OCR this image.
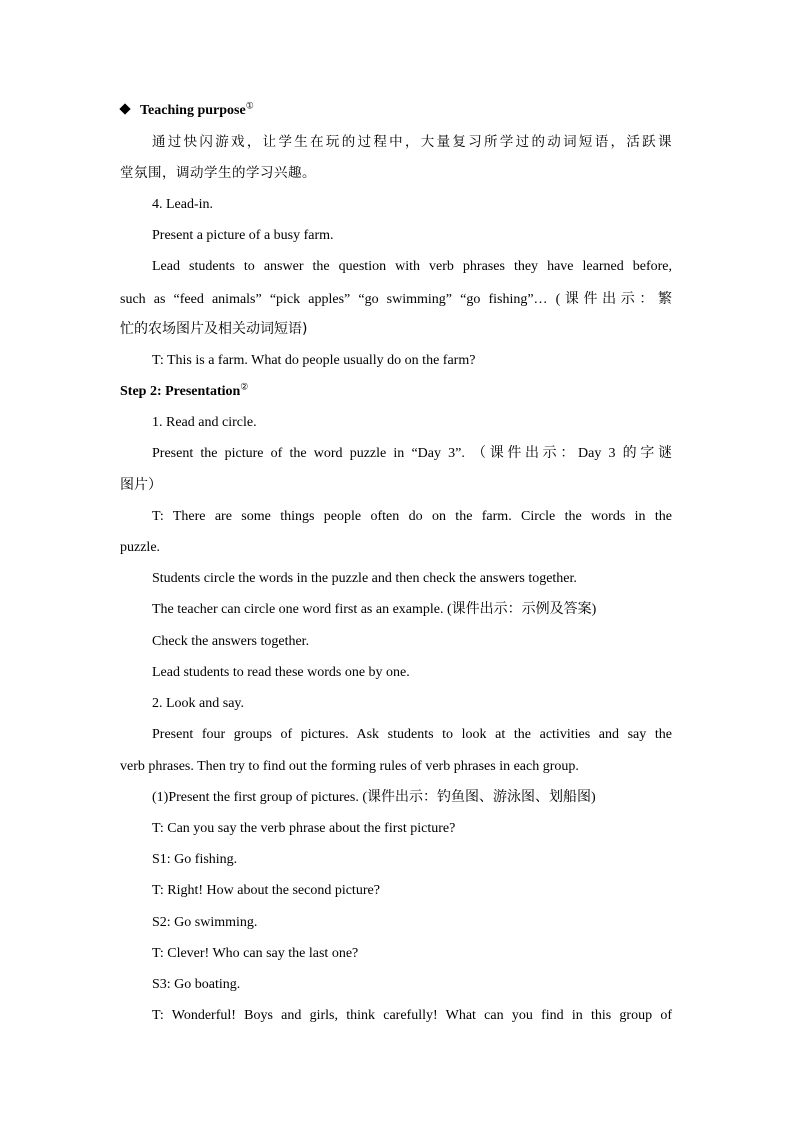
Teaching purpose①
通过快闪游戏，让学生在玩的过程中，大量复习所学过的动词短语，活跃课
堂氛围，调动学生的学习兴趣。
4. Lead-in.
Present a picture of a busy farm.
Lead students to answer the question with verb phrases they have learned before,
such as “feed animals” “pick apples” “go swimming” “go fishing”… (课件出示：繁
忙的农场图片及相关动词短语)
T: This is a farm. What do people usually do on the farm?
Step 2: Presentation②
1. Read and circle.
Present the picture of the word puzzle in “Day 3”. （课件出示：Day 3 的字谜
图片）
T: There are some things people often do on the farm. Circle the words in the
puzzle.
Students circle the words in the puzzle and then check the answers together.
The teacher can circle one word first as an example. (课件出示：示例及答案)
Check the answers together.
Lead students to read these words one by one.
2. Look and say.
Present four groups of pictures. Ask students to look at the activities and say the
verb phrases. Then try to find out the forming rules of verb phrases in each group.
(1)Present the first group of pictures. (课件出示：钓鱼图、游泳图、划船图)
T: Can you say the verb phrase about the first picture?
S1: Go fishing.
T: Right! How about the second picture?
S2: Go swimming.
T: Clever! Who can say the last one?
S3: Go boating.
T: Wonderful! Boys and girls, think carefully! What can you find in this group of
